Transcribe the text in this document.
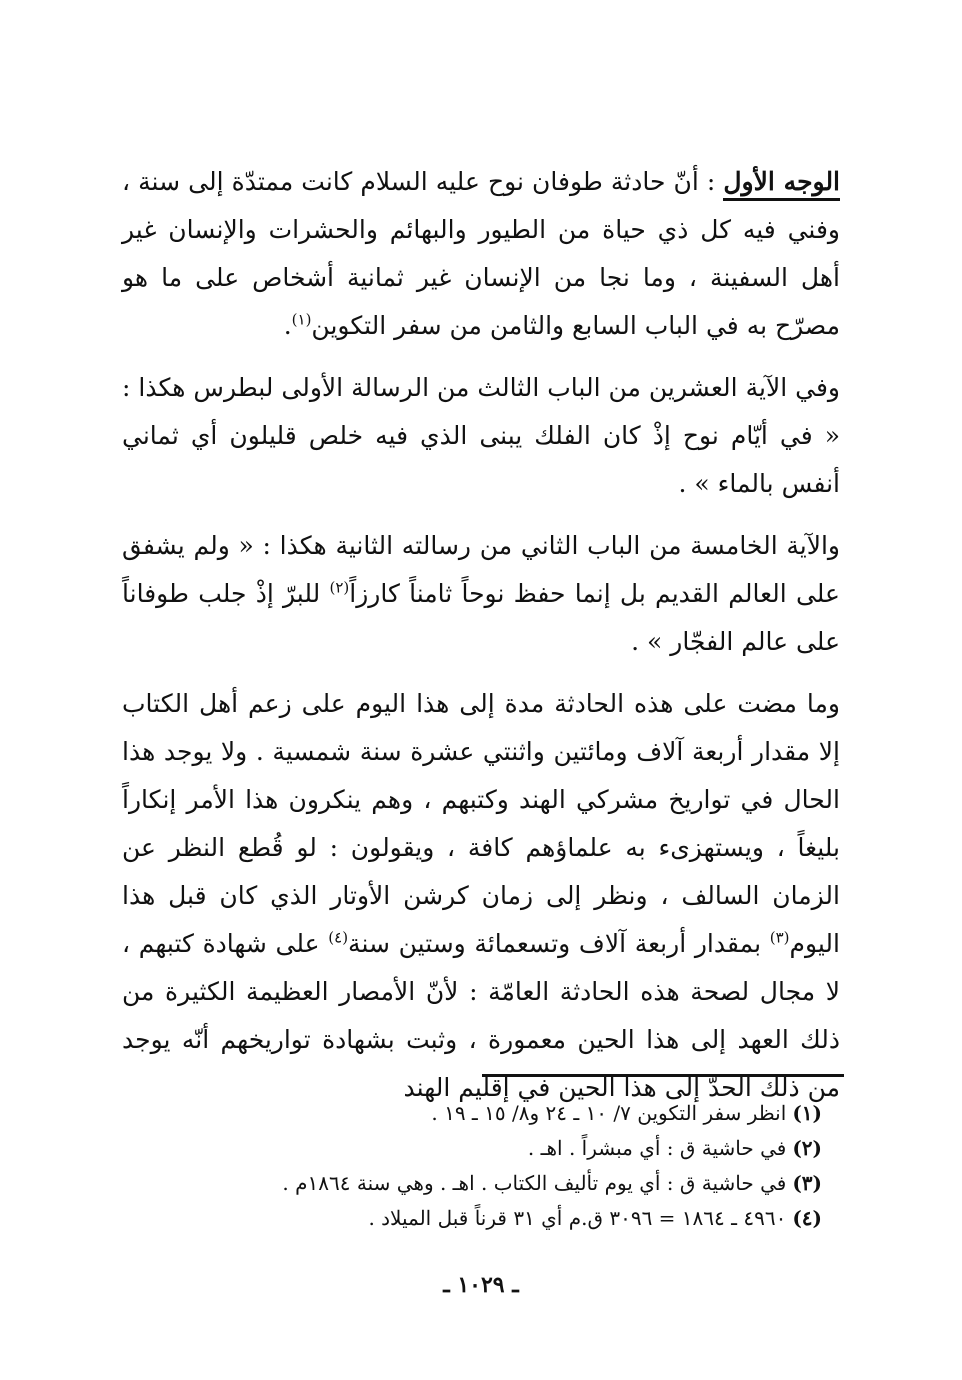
الوجه الأول : أنّ حادثة طوفان نوح عليه السلام كانت ممتدّة إلى سنة ، وفني فيه كل ذي حياة من الطيور والبهائم والحشرات والإنسان غير أهل السفينة ، وما نجا من الإنسان غير ثمانية أشخاص على ما هو مصرّح به في الباب السابع والثامن من سفر التكوين$^{(١)}$.

وفي الآية العشرين من الباب الثالث من الرسالة الأولى لبطرس هكذا : « في أيّام نوح إذْ كان الفلك يبنى الذي فيه خلص قليلون أي ثماني أنفس بالماء » .

والآية الخامسة من الباب الثاني من رسالته الثانية هكذا : « ولم يشفق على العالم القديم بل إنما حفظ نوحاً ثامناً كارزاً$^{(٢)}$ للبرّ إذْ جلب طوفاناً على عالم الفجّار » .

وما مضت على هذه الحادثة مدة إلى هذا اليوم على زعم أهل الكتاب إلا مقدار أربعة آلاف ومائتين واثنتي عشرة سنة شمسية . ولا يوجد هذا الحال في تواريخ مشركي الهند وكتبهم ، وهم ينكرون هذا الأمر إنكاراً بليغاً ، ويستهزىء به علماؤهم كافة ، ويقولون : لو قُطع النظر عن الزمان السالف ، ونظر إلى زمان كرشن الأوتار الذي كان قبل هذا اليوم$^{(٣)}$ بمقدار أربعة آلاف وتسعمائة وستين سنة$^{(٤)}$ على شهادة كتبهم ، لا مجال لصحة هذه الحادثة العامّة : لأنّ الأمصار العظيمة الكثيرة من ذلك العهد إلى هذا الحين معمورة ، وثبت بشهادة تواريخهم أنّه يوجد من ذلك الحدّ إلى هذا الحين في إقليم الهند

(١)انظر سفر التكوين ٧/ ١٠ ـ ٢٤ و٨/ ١٥ ـ ١٩ .
(٢)في حاشية ق : أي مبشراً . اهـ .
(٣)في حاشية ق : أي يوم تأليف الكتاب . اهـ . وهي سنة ١٨٦٤م .
(٤)٤٩٦٠ ـ ١٨٦٤ = ٣٠٩٦ ق.م أي ٣١ قرناً قبل الميلاد .
ـ ١٠٢٩ ـ
